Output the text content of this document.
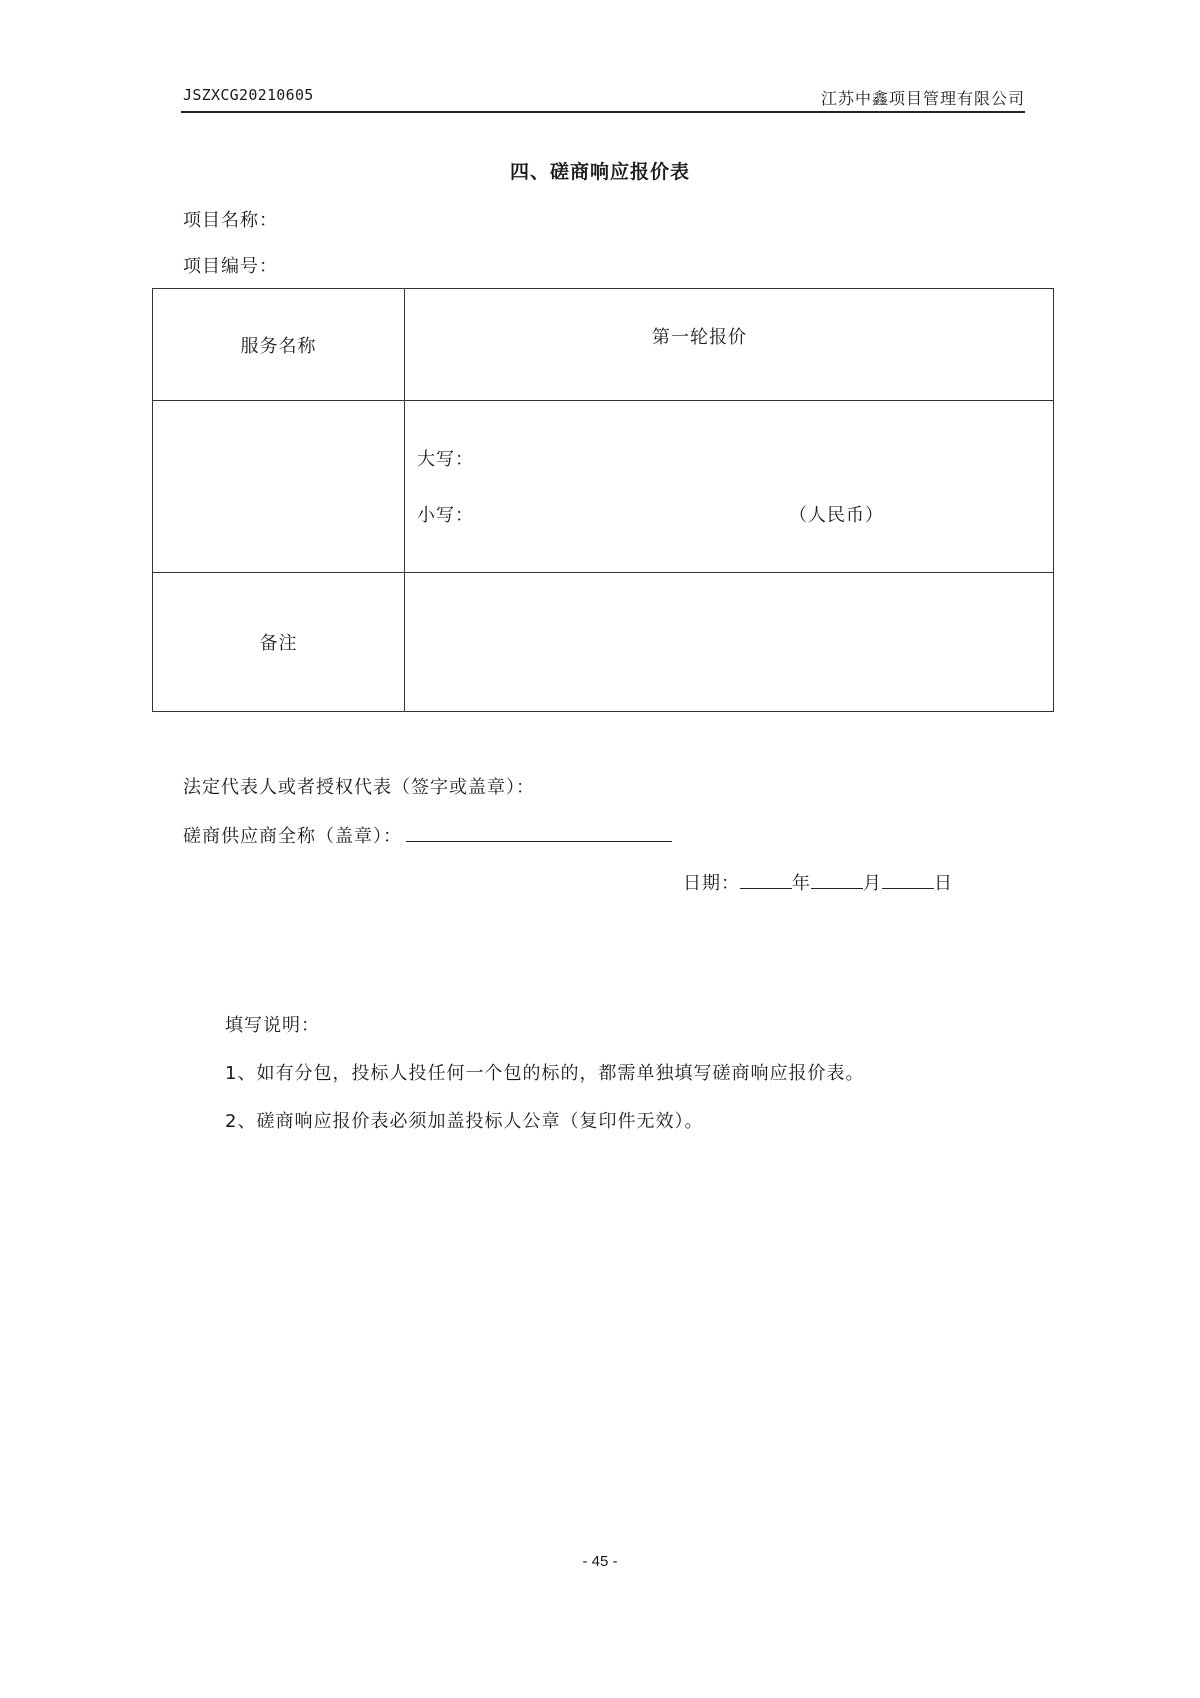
JSZXCG20210605	江苏中鑫项目管理有限公司
四、磋商响应报价表
项目名称：
项目编号：
服务名称	第一轮报价

	大写：
小写： （人民币）

备注	
法定代表人或者授权代表（签字或盖章）：
磋商供应商全称（盖章）：
日期：	年	月	日
填写说明：
1、如有分包，投标人投任何一个包的标的，都需单独填写磋商响应报价表。
2、磋商响应报价表必须加盖投标人公章（复印件无效）。
- 45 -
